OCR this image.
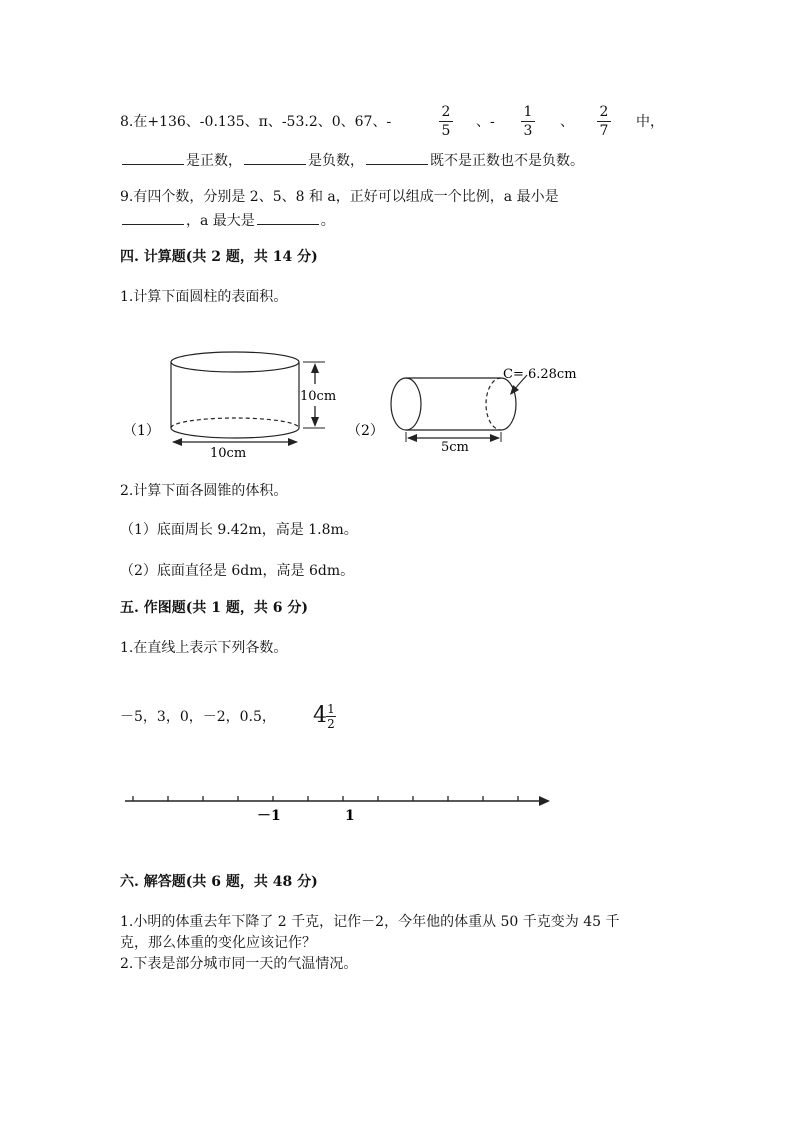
8.在+136、-0.135、π、-53.2、0、67、-
2
5
、-
1
3
、
2
7
中，
是正数，	是负数，	既不是正数也不是负数。
9.有四个数，分别是 2、5、8 和 a，正好可以组成一个比例，a 最小是
，a 最大是	。
四. 计算题(共 2 题，共 14 分)
1.计算下面圆柱的表面积。
（1）
10cm
10cm
（2）
C= 6.28cm
5cm
2.计算下面各圆锥的体积。
（1）底面周长 9.42m，高是 1.8m。
（2）底面直径是 6dm，高是 6dm。
五. 作图题(共 1 题，共 6 分)
1.在直线上表示下列各数。
－5，3，0，－2，0.5， 4 1
2
－1	1
六. 解答题(共 6 题，共 48 分)
1.小明的体重去年下降了 2 千克，记作－2，今年他的体重从 50 千克变为 45 千
克，那么体重的变化应该记作？
2.下表是部分城市同一天的气温情况。
